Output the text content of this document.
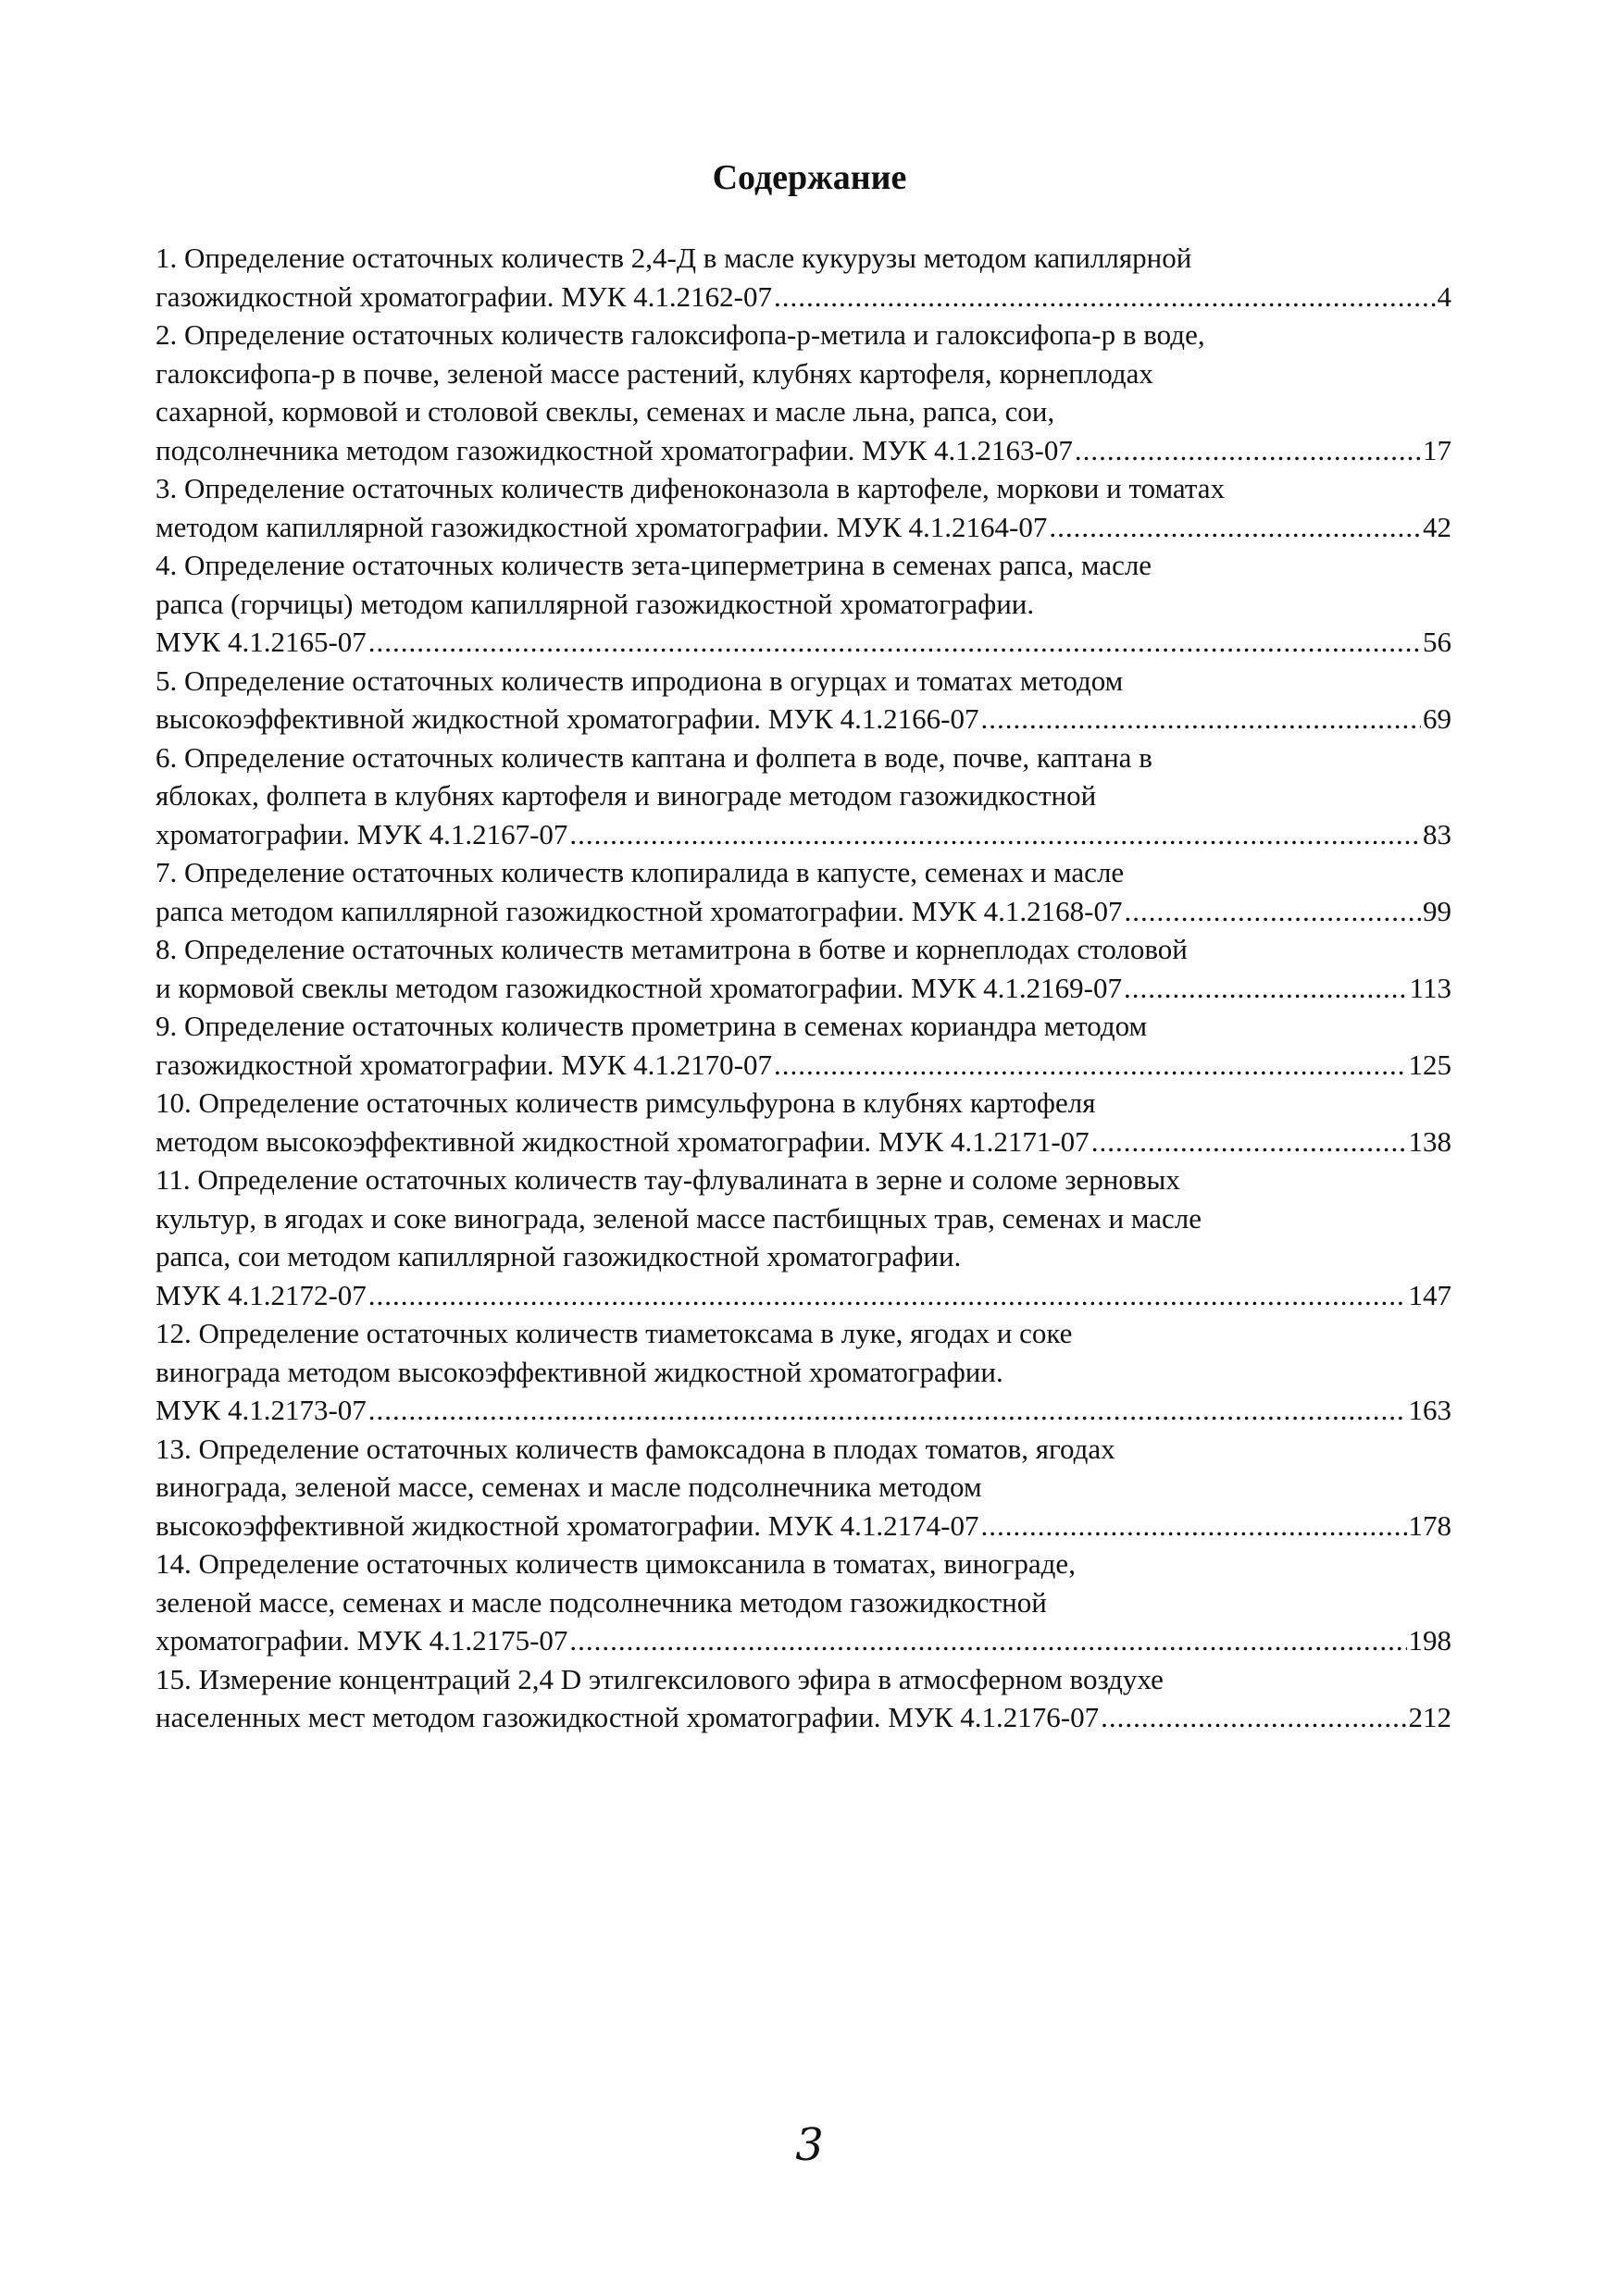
Содержание
1. Определение остаточных количеств 2,4-Д в масле кукурузы методом капиллярной
газожидкостной хроматографии. МУК 4.1.2162-07 .....	4
2. Определение остаточных количеств галоксифопа-р-метила и галоксифопа-р в воде,
галоксифопа-р в почве, зеленой массе растений, клубнях картофеля, корнеплодах
сахарной, кормовой и столовой свеклы, семенах и масле льна, рапса, сои,
подсолнечника методом газожидкостной хроматографии. МУК 4.1.2163-07 .....	17
3. Определение остаточных количеств дифеноконазола в картофеле, моркови и томатах
методом капиллярной газожидкостной хроматографии. МУК 4.1.2164-07 .....	42
4. Определение остаточных количеств зета-циперметрина в семенах рапса, масле
рапса (горчицы) методом капиллярной газожидкостной хроматографии.
МУК 4.1.2165-07 .....	56
5. Определение остаточных количеств ипродиона в огурцах и томатах методом
высокоэффективной жидкостной хроматографии. МУК 4.1.2166-07 .....	69
6. Определение остаточных количеств каптана и фолпета в воде, почве, каптана в
яблоках, фолпета в клубнях картофеля и винограде методом газожидкостной
хроматографии. МУК 4.1.2167-07 .....	83
7. Определение остаточных количеств клопиралида в капусте, семенах и масле
рапса методом капиллярной газожидкостной хроматографии. МУК 4.1.2168-07 .....	99
8. Определение остаточных количеств метамитрона в ботве и корнеплодах столовой
и кормовой свеклы методом газожидкостной хроматографии. МУК 4.1.2169-07 .....	113
9. Определение остаточных количеств прометрина в семенах кориандра методом
газожидкостной хроматографии. МУК 4.1.2170-07 .....	125
10. Определение остаточных количеств римсульфурона в клубнях картофеля
методом высокоэффективной жидкостной хроматографии. МУК 4.1.2171-07 .....	138
11. Определение остаточных количеств тау-флувалината в зерне и соломе зерновых
культур, в ягодах и соке винограда, зеленой массе пастбищных трав, семенах и масле
рапса, сои методом капиллярной газожидкостной хроматографии.
МУК 4.1.2172-07 .....	147
12. Определение остаточных количеств тиаметоксама в луке, ягодах и соке
винограда методом высокоэффективной жидкостной хроматографии.
МУК 4.1.2173-07 .....	163
13. Определение остаточных количеств фамоксадона в плодах томатов, ягодах
винограда, зеленой массе, семенах и масле подсолнечника методом
высокоэффективной жидкостной хроматографии. МУК 4.1.2174-07 .....	178
14. Определение остаточных количеств цимоксанила в томатах, винограде,
зеленой массе, семенах и масле подсолнечника методом газожидкостной
хроматографии. МУК 4.1.2175-07 .....	198
15. Измерение концентраций 2,4 D этилгексилового эфира в атмосферном воздухе
населенных мест методом газожидкостной хроматографии. МУК 4.1.2176-07 .....	212
3
